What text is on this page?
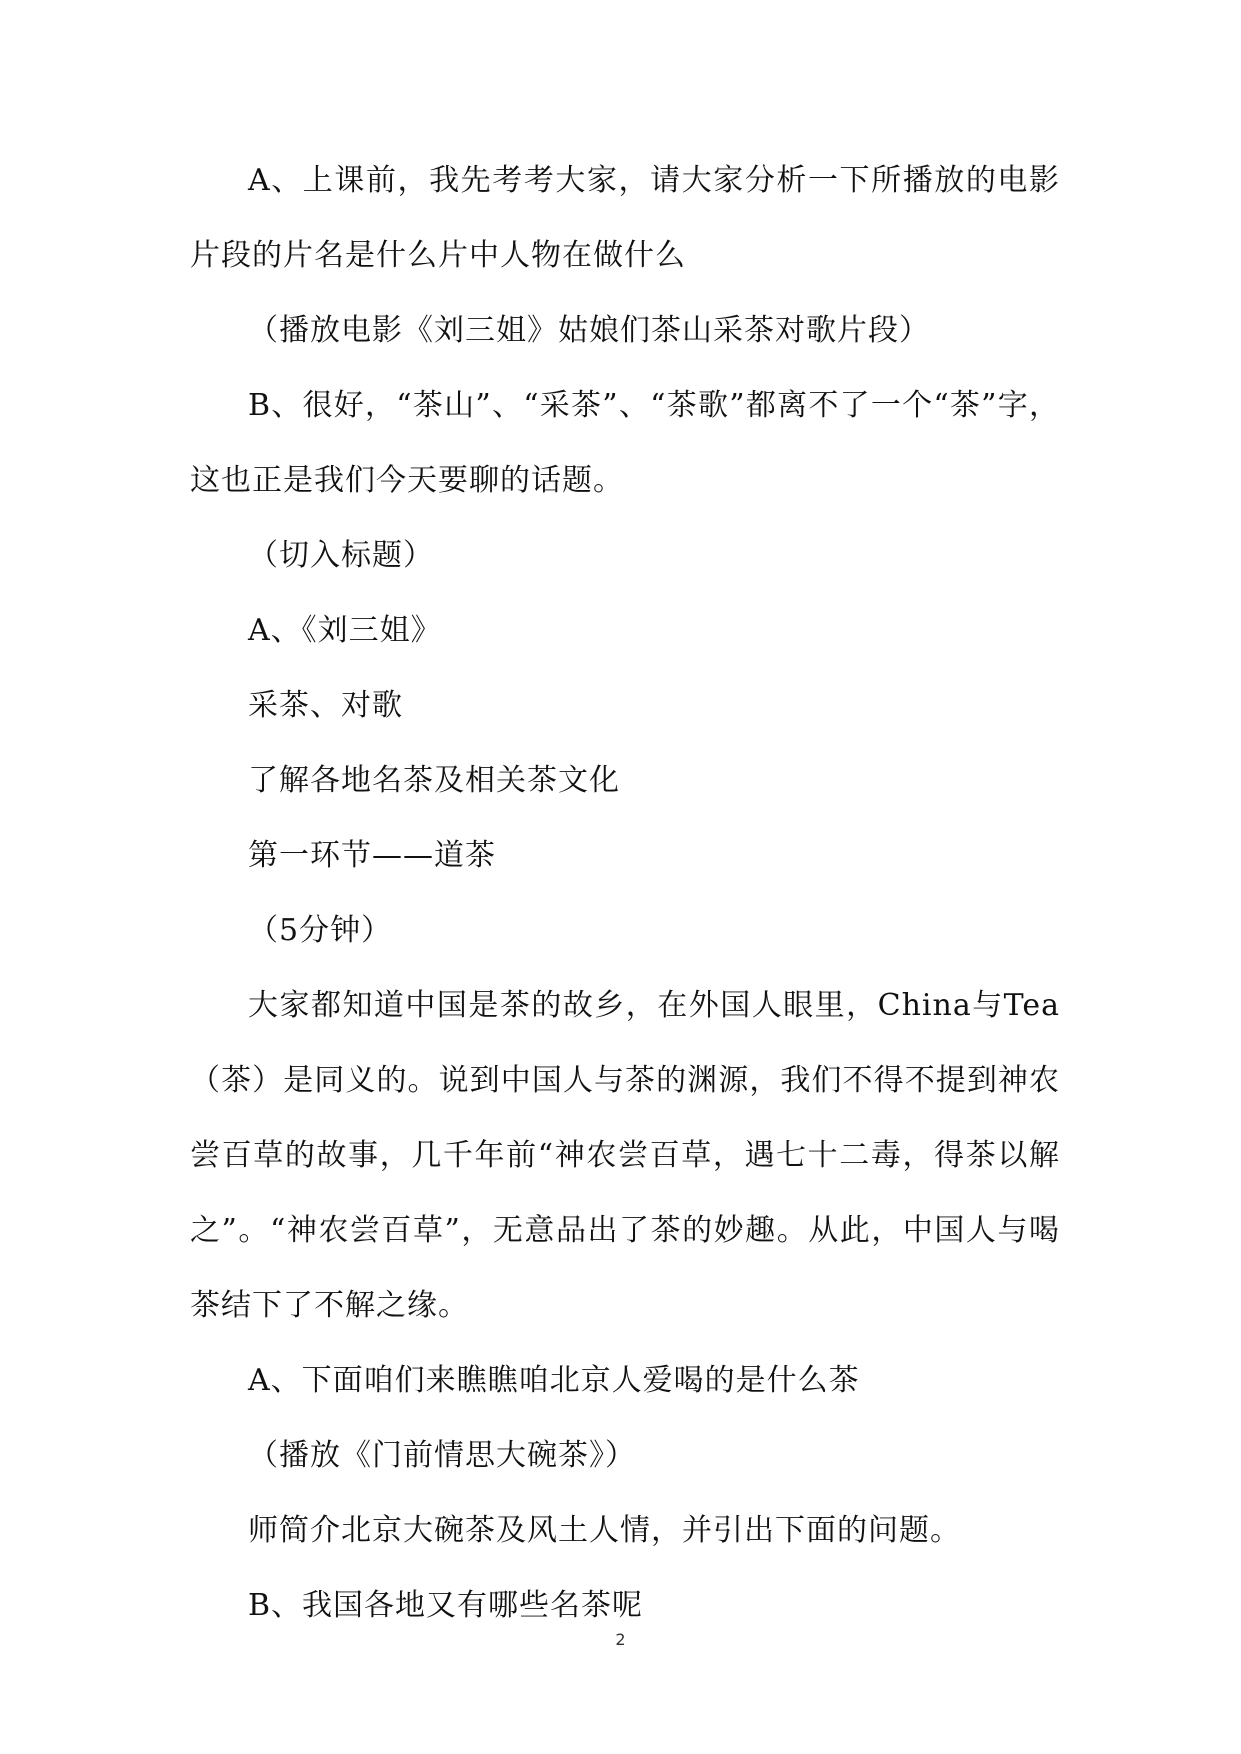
A、上课前，我先考考大家，请大家分析一下所播放的电影片段的片名是什么片中人物在做什么

（播放电影《刘三姐》姑娘们茶山采茶对歌片段）

B、很好，“茶山”、“采茶”、“茶歌”都离不了一个“茶”字，这也正是我们今天要聊的话题。

（切入标题）

A、《刘三姐》

采茶、对歌

了解各地名茶及相关茶文化

第一环节——道茶

（5分钟）

大家都知道中国是茶的故乡，在外国人眼里，China与Tea（茶）是同义的。说到中国人与茶的渊源，我们不得不提到神农尝百草的故事，几千年前“神农尝百草，遇七十二毒，得茶以解之”。“神农尝百草”，无意品出了茶的妙趣。从此，中国人与喝茶结下了不解之缘。

A、下面咱们来瞧瞧咱北京人爱喝的是什么茶

（播放《门前情思大碗茶》）

师简介北京大碗茶及风土人情，并引出下面的问题。

B、我国各地又有哪些名茶呢

2
